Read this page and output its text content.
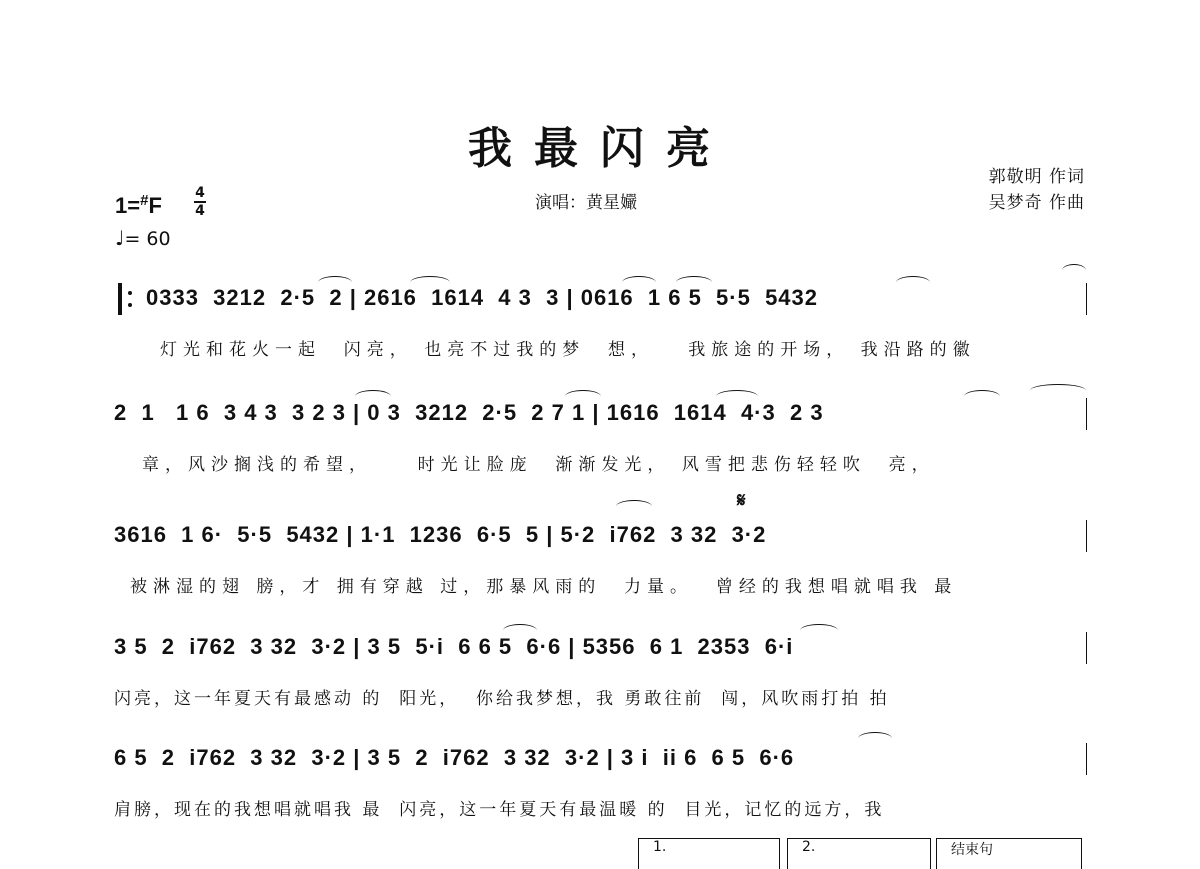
我最闪亮
演唱：黄星孍
郭敬明 作词
吴梦奇 作曲
1=#F 4
4
♩= 60
0333  3212  2·5  2 | 2616  1614  4 3  3 | 0616  1 6 5  5·5  5432
灯光和花火一起  闪亮， 也亮不过我的梦  想，   我旅途的开场， 我沿路的徽
2  1   1 6  3 4 3  3 2 3 | 0 3  3212  2·5  2 7 1 | 1616  1614  4·3  2 3
章，风沙搁浅的希望，    时光让脸庞  渐渐发光， 风雪把悲伤轻轻吹  亮，
𝄋
3616  1 6·  5·5  5432 | 1·1  1236  6·5  5 | 5·2  i762  3 32  3·2
被淋湿的翅 膀，才 拥有穿越 过，那暴风雨的  力量。  曾经的我想唱就唱我 最
3 5  2  i762  3 32  3·2 | 3 5  5·i  6 6 5  6·6 | 5356  6 1  2353  6·i
闪亮，这一年夏天有最感动 的  阳光，  你给我梦想，我 勇敢往前  闯，风吹雨打拍 拍
6 5  2  i762  3 32  3·2 | 3 5  2  i762  3 32  3·2 | 3 i  ii 6  6 5  6·6
肩膀，现在的我想唱就唱我 最  闪亮，这一年夏天有最温暖 的  目光，记忆的远方，我
1.	2.	结束句
